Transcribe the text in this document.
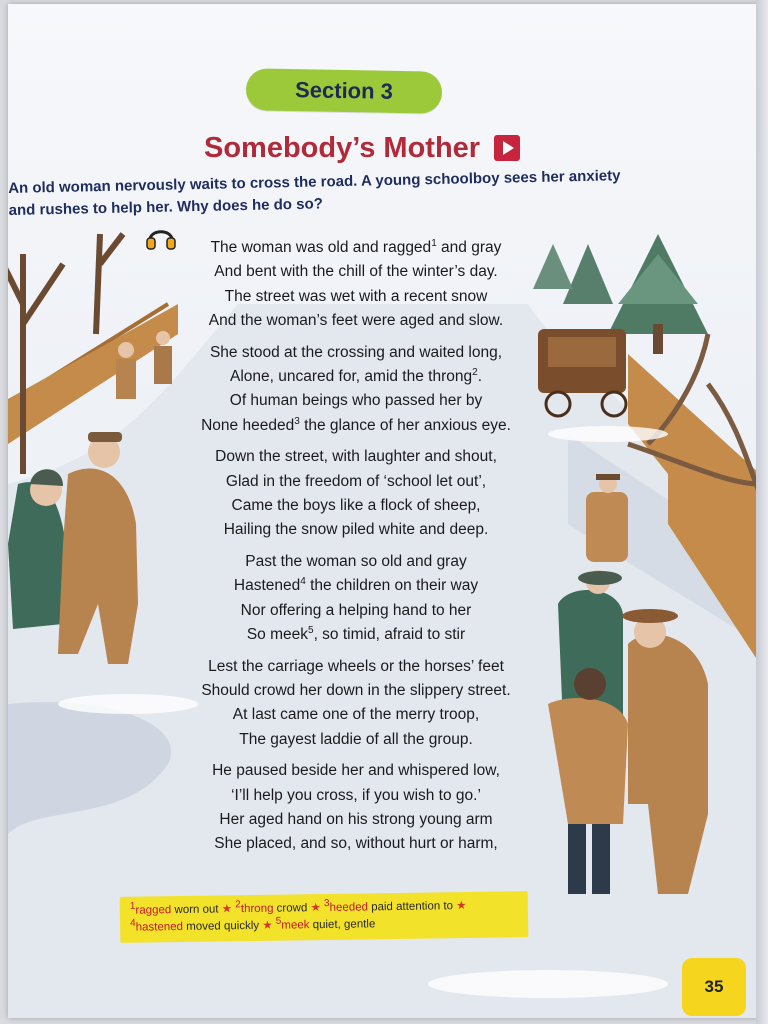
Section 3
Somebody’s Mother
An old woman nervously waits to cross the road. A young schoolboy sees her anxiety
and rushes to help her. Why does he do so?
The woman was old and ragged$^1$ and gray
And bent with the chill of the winter’s day.
The street was wet with a recent snow
And the woman’s feet were aged and slow.
She stood at the crossing and waited long,
Alone, uncared for, amid the throng$^2$.
Of human beings who passed her by
None heeded$^3$ the glance of her anxious eye.
Down the street, with laughter and shout,
Glad in the freedom of ‘school let out’,
Came the boys like a flock of sheep,
Hailing the snow piled white and deep.
Past the woman so old and gray
Hastened$^4$ the children on their way
Nor offering a helping hand to her
So meek$^5$, so timid, afraid to stir
Lest the carriage wheels or the horses’ feet
Should crowd her down in the slippery street.
At last came one of the merry troop,
The gayest laddie of all the group.
He paused beside her and whispered low,
‘I’ll help you cross, if you wish to go.’
Her aged hand on his strong young arm
She placed, and so, without hurt or harm,
$^1$ragged worn out ★ $^2$throng crowd ★ $^3$heeded paid attention to ★
$^4$hastened moved quickly ★ $^5$meek quiet, gentle
35
